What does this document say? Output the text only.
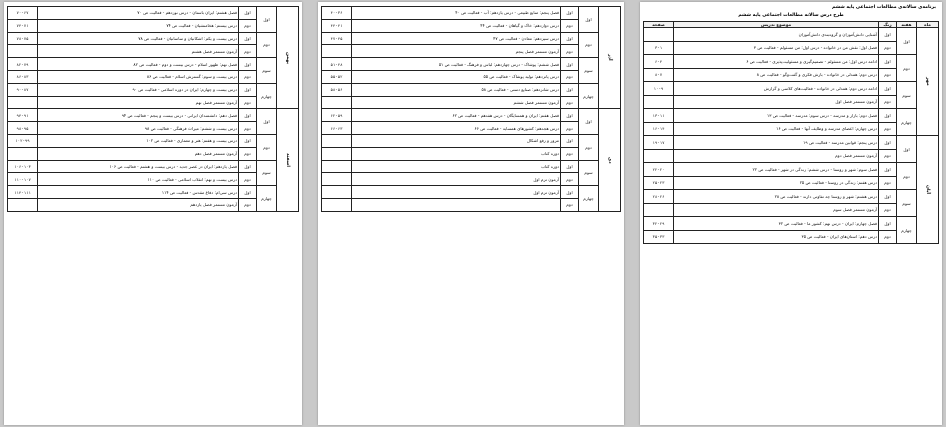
برنامه‌ی سالانه‌ی مطالعات اجتماعی پایه ششم
طرح درس سالانه مطالعات اجتماعی پایه ششم
ماه	هفته	زنگ	موضوع تدریس	صفحه
مهر	اول	اول	آشنایی دانش‌آموزان و گروه‌بندی دانش‌آموزان	
		دوم	فصل اول: نقش من در خانواده - درس اول: من مسئولم - فعالیت ص ۳	۳-۱
	دوم	اول	ادامه درس اول: من مسئولم - تصمیم‌گیری و مسئولیت‌پذیری - فعالیت ص ۶	۶-۴
		دوم	درس دوم: همدلی در خانواده - بارش فکری و گفت‌وگو - فعالیت ص ۸	۸-۷
	سوم	اول	ادامه درس دوم: همدلی در خانواده - فعالیت‌های کلاسی و گزارش	۱۰-۹
		دوم	آزمون مستمر فصل اول	
	چهارم	اول	فصل دوم: بازار و مدرسه - درس سوم: مدرسه - فعالیت ص ۱۳	۱۳-۱۱
		دوم	درس چهارم: اعضای مدرسه و وظایف آنها - فعالیت ص ۱۶	۱۶-۱۴
آبان	اول	اول	درس پنجم: قوانین مدرسه - فعالیت ص ۱۹	۱۹-۱۷
		دوم	آزمون مستمر فصل دوم	
	دوم	اول	فصل سوم: شهر و روستا - درس ششم: زندگی در شهر - فعالیت ص ۲۲	۲۲-۲۰
		دوم	درس هفتم: زندگی در روستا - فعالیت ص ۲۵	۲۵-۲۳
	سوم	اول	درس هشتم: شهر و روستا چه تفاوتی دارند - فعالیت ص ۲۸	۲۸-۲۶
		دوم	آزمون مستمر فصل سوم	
	چهارم	اول	فصل چهارم: ایران - درس نهم: کشور ما - فعالیت ص ۳۲	۳۲-۲۹
		دوم	درس دهم: استان‌های ایران - فعالیت ص ۳۵	۳۵-۳۳
آذر	اول	اول	فصل پنجم: منابع طبیعی - درس یازدهم: آب - فعالیت ص ۴۰	۴۰-۳۶
		دوم	درس دوازدهم: خاک و گیاهان - فعالیت ص ۴۴	۴۴-۴۱
	دوم	اول	درس سیزدهم: معادن - فعالیت ص ۴۷	۴۷-۴۵
		دوم	آزمون مستمر فصل پنجم	
	سوم	اول	فصل ششم: پوشاک - درس چهاردهم: لباس و فرهنگ - فعالیت ص ۵۱	۵۱-۴۸
		دوم	درس پانزدهم: تولید پوشاک - فعالیت ص ۵۵	۵۵-۵۲
	چهارم	اول	درس شانزدهم: صنایع دستی - فعالیت ص ۵۸	۵۸-۵۶
		دوم	آزمون مستمر فصل ششم	
دی	اول	اول	فصل هفتم: ایران و همسایگان - درس هفدهم - فعالیت ص ۶۲	۶۲-۵۹
		دوم	درس هجدهم: کشورهای همسایه - فعالیت ص ۶۶	۶۶-۶۳
	دوم	اول	مرور و رفع اشکال	
		دوم	دوره کتاب	
	سوم	اول	دوره کتاب	
		دوم	آزمون ترم اول	
	چهارم	اول	آزمون ترم اول	
		دوم		
بهمن	اول	اول	فصل هشتم: ایران باستان - درس نوزدهم - فعالیت ص ۷۰	۷۰-۶۷
		دوم	درس بیستم: هخامنشیان - فعالیت ص ۷۴	۷۴-۷۱
	دوم	اول	درس بیست و یکم: اشکانیان و ساسانیان - فعالیت ص ۷۸	۷۸-۷۵
		دوم	آزمون مستمر فصل هشتم	
	سوم	اول	فصل نهم: ظهور اسلام - درس بیست و دوم - فعالیت ص ۸۲	۸۲-۷۹
		دوم	درس بیست و سوم: گسترش اسلام - فعالیت ص ۸۶	۸۶-۸۳
	چهارم	اول	درس بیست و چهارم: ایران در دوره اسلامی - فعالیت ص ۹۰	۹۰-۸۷
		دوم	آزمون مستمر فصل نهم	
اسفند	اول	اول	فصل دهم: دانشمندان ایرانی - درس بیست و پنجم - فعالیت ص ۹۴	۹۴-۹۱
		دوم	درس بیست و ششم: میراث فرهنگی - فعالیت ص ۹۸	۹۸-۹۵
	دوم	اول	درس بیست و هفتم: هنر و معماری - فعالیت ص ۱۰۲	۱۰۲-۹۹
		دوم	آزمون مستمر فصل دهم	
	سوم	اول	فصل یازدهم: ایران در عصر جدید - درس بیست و هشتم - فعالیت ص ۱۰۶	۱۰۶-۱۰۳
		دوم	درس بیست و نهم: انقلاب اسلامی - فعالیت ص ۱۱۰	۱۱۰-۱۰۷
	چهارم	اول	درس سی‌ام: دفاع مقدس - فعالیت ص ۱۱۴	۱۱۴-۱۱۱
		دوم	آزمون مستمر فصل یازدهم	
